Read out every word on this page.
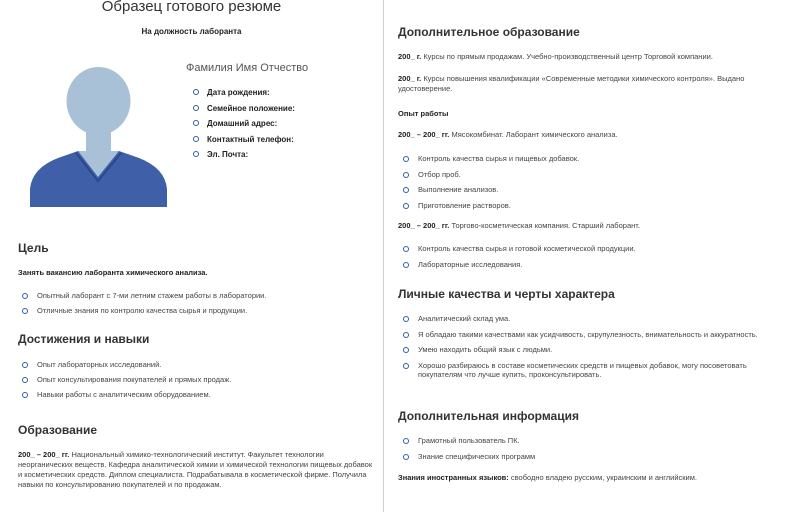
Образец готового резюме
На должность лаборанта
Фамилия Имя Отчество
Дата рождения:
Семейное положение:
Домашний адрес:
Контактный телефон:
Эл. Почта:
Цель
Занять вакансию лаборанта химического анализа.
Опытный лаборант с 7-ми летним стажем работы в лаборатории.
Отличные знания по контролю качества сырья и продукции.
Достижения и навыки
Опыт лабораторных исследований.
Опыт консультирования покупателей и прямых продаж.
Навыки работы с аналитическим оборудованием.
Образование

200_ – 200_ гг. Национальный химико-технологический институт. Факультет технологии неорганических веществ. Кафедра аналитической химии и химической технологии пищевых добавок и косметических средств. Диплом специалиста. Подрабатывала в косметической фирме. Получила навыки по консультированию покупателей и по продажам.

Дополнительное образование

200_ г. Курсы по прямым продажам. Учебно-производственный центр Торговой компании.

200_ г. Курсы повышения квалификации «Современные методики химического контроля». Выдано удостоверение.

Опыт работы

200_ – 200_ гг. Мясокомбинат. Лаборант химического анализа.

Контроль качества сырья и пищевых добавок.
Отбор проб.
Выполнение анализов.
Приготовление растворов.

200_ – 200_ гг. Торгово-косметическая компания. Старший лаборант.

Контроль качества сырья и готовой косметической продукции.
Лабораторные исследования.
Личные качества и черты характера
Аналитический склад ума.
Я обладаю такими качествами как усидчивость, скрупулезность, внимательность и аккуратность.
Умею находить общий язык с людьми.
Хорошо разбираюсь в составе косметических средств и пищевых добавок, могу посоветовать покупателям что лучше купить, проконсультировать.
Дополнительная информация
Грамотный пользователь ПК.
Знание специфических программ

Знания иностранных языков: свободно владею русским, украинским и английским.
